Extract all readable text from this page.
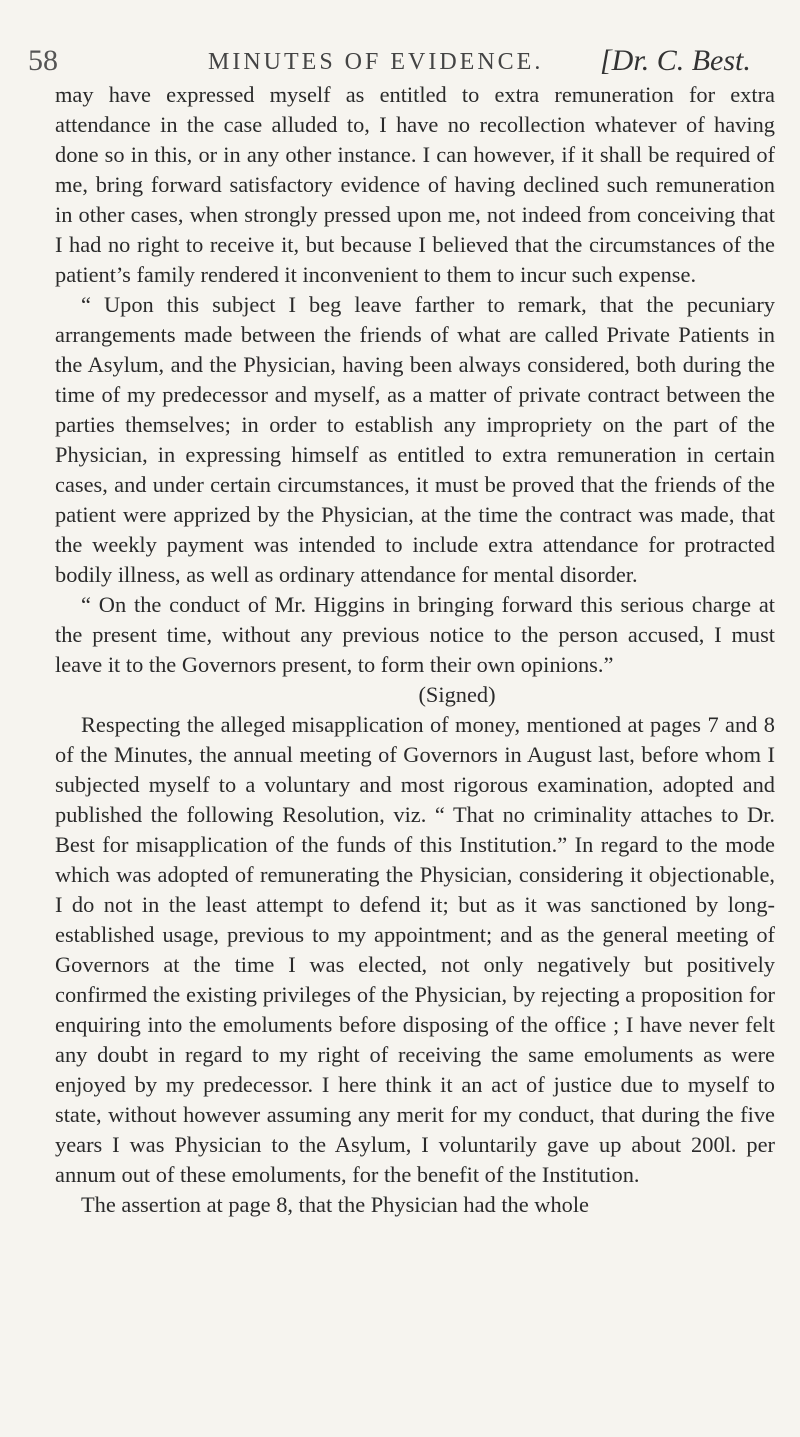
58	MINUTES OF EVIDENCE. [Dr. C. Best.

may have expressed myself as entitled to extra remuneration for extra attendance in the case alluded to, I have no recollection whatever of having done so in this, or in any other instance. I can however, if it shall be required of me, bring forward satisfactory evidence of having declined such remuneration in other cases, when strongly pressed upon me, not indeed from conceiving that I had no right to receive it, but because I believed that the circumstances of the patient’s family rendered it inconvenient to them to incur such expense.

“ Upon this subject I beg leave farther to remark, that the pecuniary arrangements made between the friends of what are called Private Patients in the Asylum, and the Physician, having been always considered, both during the time of my predecessor and myself, as a matter of private contract between the parties themselves; in order to establish any impropriety on the part of the Physician, in expressing himself as entitled to extra remuneration in certain cases, and under certain circumstances, it must be proved that the friends of the patient were apprized by the Physician, at the time the contract was made, that the weekly payment was intended to include extra attendance for protracted bodily illness, as well as ordinary attendance for mental disorder.

“ On the conduct of Mr. Higgins in bringing forward this serious charge at the present time, without any previous notice to the person accused, I must leave it to the Governors present, to form their own opinions.”

(Signed)

Respecting the alleged misapplication of money, mentioned at pages 7 and 8 of the Minutes, the annual meeting of Governors in August last, before whom I subjected myself to a voluntary and most rigorous examination, adopted and published the following Resolution, viz. “ That no criminality attaches to Dr. Best for misapplication of the funds of this Institution.” In regard to the mode which was adopted of remunerating the Physician, considering it objectionable, I do not in the least attempt to defend it; but as it was sanctioned by long-established usage, previous to my appointment; and as the general meeting of Governors at the time I was elected, not only negatively but positively confirmed the existing privileges of the Physician, by rejecting a proposition for enquiring into the emoluments before disposing of the office ; I have never felt any doubt in regard to my right of receiving the same emoluments as were enjoyed by my predecessor. I here think it an act of justice due to myself to state, without however assuming any merit for my conduct, that during the five years I was Physician to the Asylum, I voluntarily gave up about 200l. per annum out of these emoluments, for the benefit of the Institution.

The assertion at page 8, that the Physician had the whole
